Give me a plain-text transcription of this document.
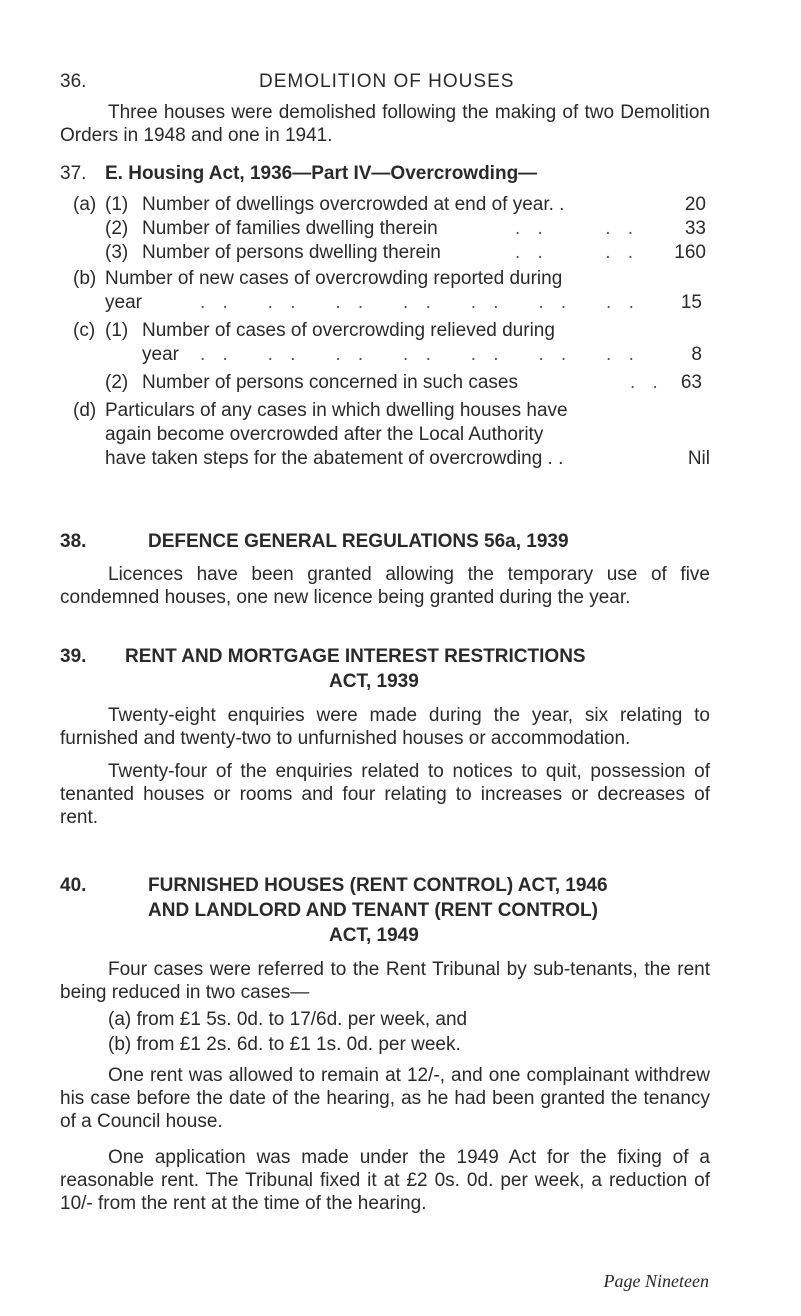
36.	DEMOLITION OF HOUSES

Three houses were demolished following the making of two Demolition Orders in 1948 and one in 1941.

37. E. Housing Act, 1936—Part IV—Overcrowding—
(a) (1) Number of dwellings overcrowded at end of year. .	20
(2) Number of families dwelling therein	. .     . . 33
(3) Number of persons dwelling therein	. .     . . 160
(b) Number of new cases of overcrowding reported during
year	. .   . .   . .   . .   . .   . .   . . 15
(c) (1) Number of cases of overcrowding relieved during
year . .   . .   . .   . .   . .   . .   . .	8
(2) Number of persons concerned in such cases	. . 63
(d) Particulars of any cases in which dwelling houses have
again become overcrowded after the Local Authority
have taken steps for the abatement of overcrowding . .	Nil
38.	DEFENCE GENERAL REGULATIONS 56a, 1939

Licences have been granted allowing the temporary use of five condemned houses, one new licence being granted during the year.

39. RENT AND MORTGAGE INTEREST RESTRICTIONS
ACT, 1939

Twenty-eight enquiries were made during the year, six relating to furnished and twenty-two to unfurnished houses or accommodation.

Twenty-four of the enquiries related to notices to quit, possession of tenanted houses or rooms and four relating to increases or decreases of rent.

40.	FURNISHED HOUSES (RENT CONTROL) ACT, 1946
AND LANDLORD AND TENANT (RENT CONTROL)
ACT, 1949

Four cases were referred to the Rent Tribunal by sub-tenants, the rent being reduced in two cases—

(a) from £1 5s. 0d. to 17/6d. per week, and
(b) from £1 2s. 6d. to £1 1s. 0d. per week.

One rent was allowed to remain at 12/-, and one complainant withdrew his case before the date of the hearing, as he had been granted the tenancy of a Council house.

One application was made under the 1949 Act for the fixing of a reasonable rent. The Tribunal fixed it at £2 0s. 0d. per week, a reduction of 10/- from the rent at the time of the hearing.

Page Nineteen
